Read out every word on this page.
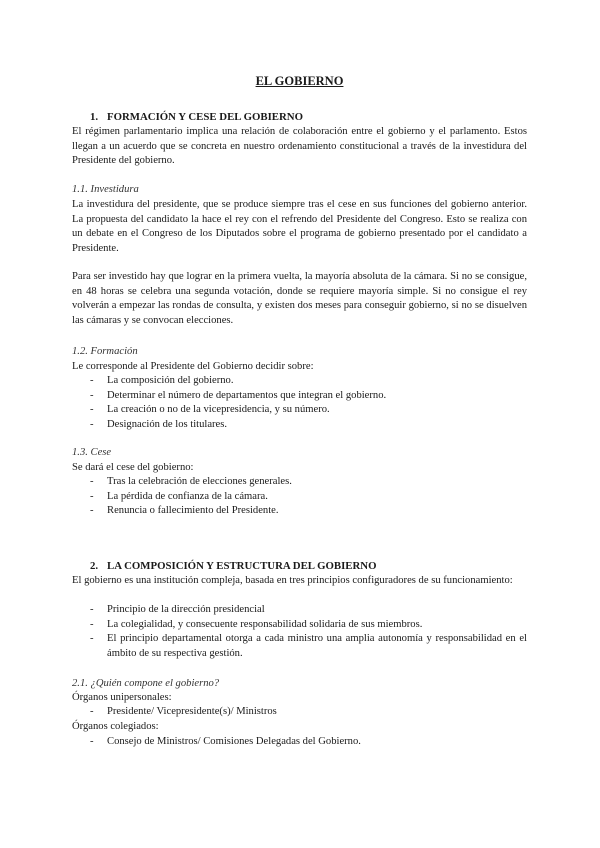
EL GOBIERNO
1. FORMACIÓN Y CESE DEL GOBIERNO
El régimen parlamentario implica una relación de colaboración entre el gobierno y el parlamento. Estos llegan a un acuerdo que se concreta en nuestro ordenamiento constitucional a través de la investidura del Presidente del gobierno.
1.1. Investidura
La investidura del presidente, que se produce siempre tras el cese en sus funciones del gobierno anterior. La propuesta del candidato la hace el rey con el refrendo del Presidente del Congreso. Esto se realiza con un debate en el Congreso de los Diputados sobre el programa de gobierno presentado por el candidato a Presidente.
Para ser investido hay que lograr en la primera vuelta, la mayoría absoluta de la cámara. Si no se consigue, en 48 horas se celebra una segunda votación, donde se requiere mayoría simple. Si no consigue el rey volverán a empezar las rondas de consulta, y existen dos meses para conseguir gobierno, si no se disuelven las cámaras y se convocan elecciones.
1.2. Formación
Le corresponde al Presidente del Gobierno decidir sobre:
- La composición del gobierno.
- Determinar el número de departamentos que integran el gobierno.
- La creación o no de la vicepresidencia, y su número.
- Designación de los titulares.
1.3. Cese
Se dará el cese del gobierno:
- Tras la celebración de elecciones generales.
- La pérdida de confianza de la cámara.
- Renuncia o fallecimiento del Presidente.
2. LA COMPOSICIÓN Y ESTRUCTURA DEL GOBIERNO
El gobierno es una institución compleja, basada en tres principios configuradores de su funcionamiento:
- Principio de la dirección presidencial
- La colegialidad, y consecuente responsabilidad solidaria de sus miembros.
- El principio departamental otorga a cada ministro una amplia autonomía y responsabilidad en el ámbito de su respectiva gestión.
2.1. ¿Quién compone el gobierno?
Órganos unipersonales:
- Presidente/ Vicepresidente(s)/ Ministros
Órganos colegiados:
- Consejo de Ministros/ Comisiones Delegadas del Gobierno.
